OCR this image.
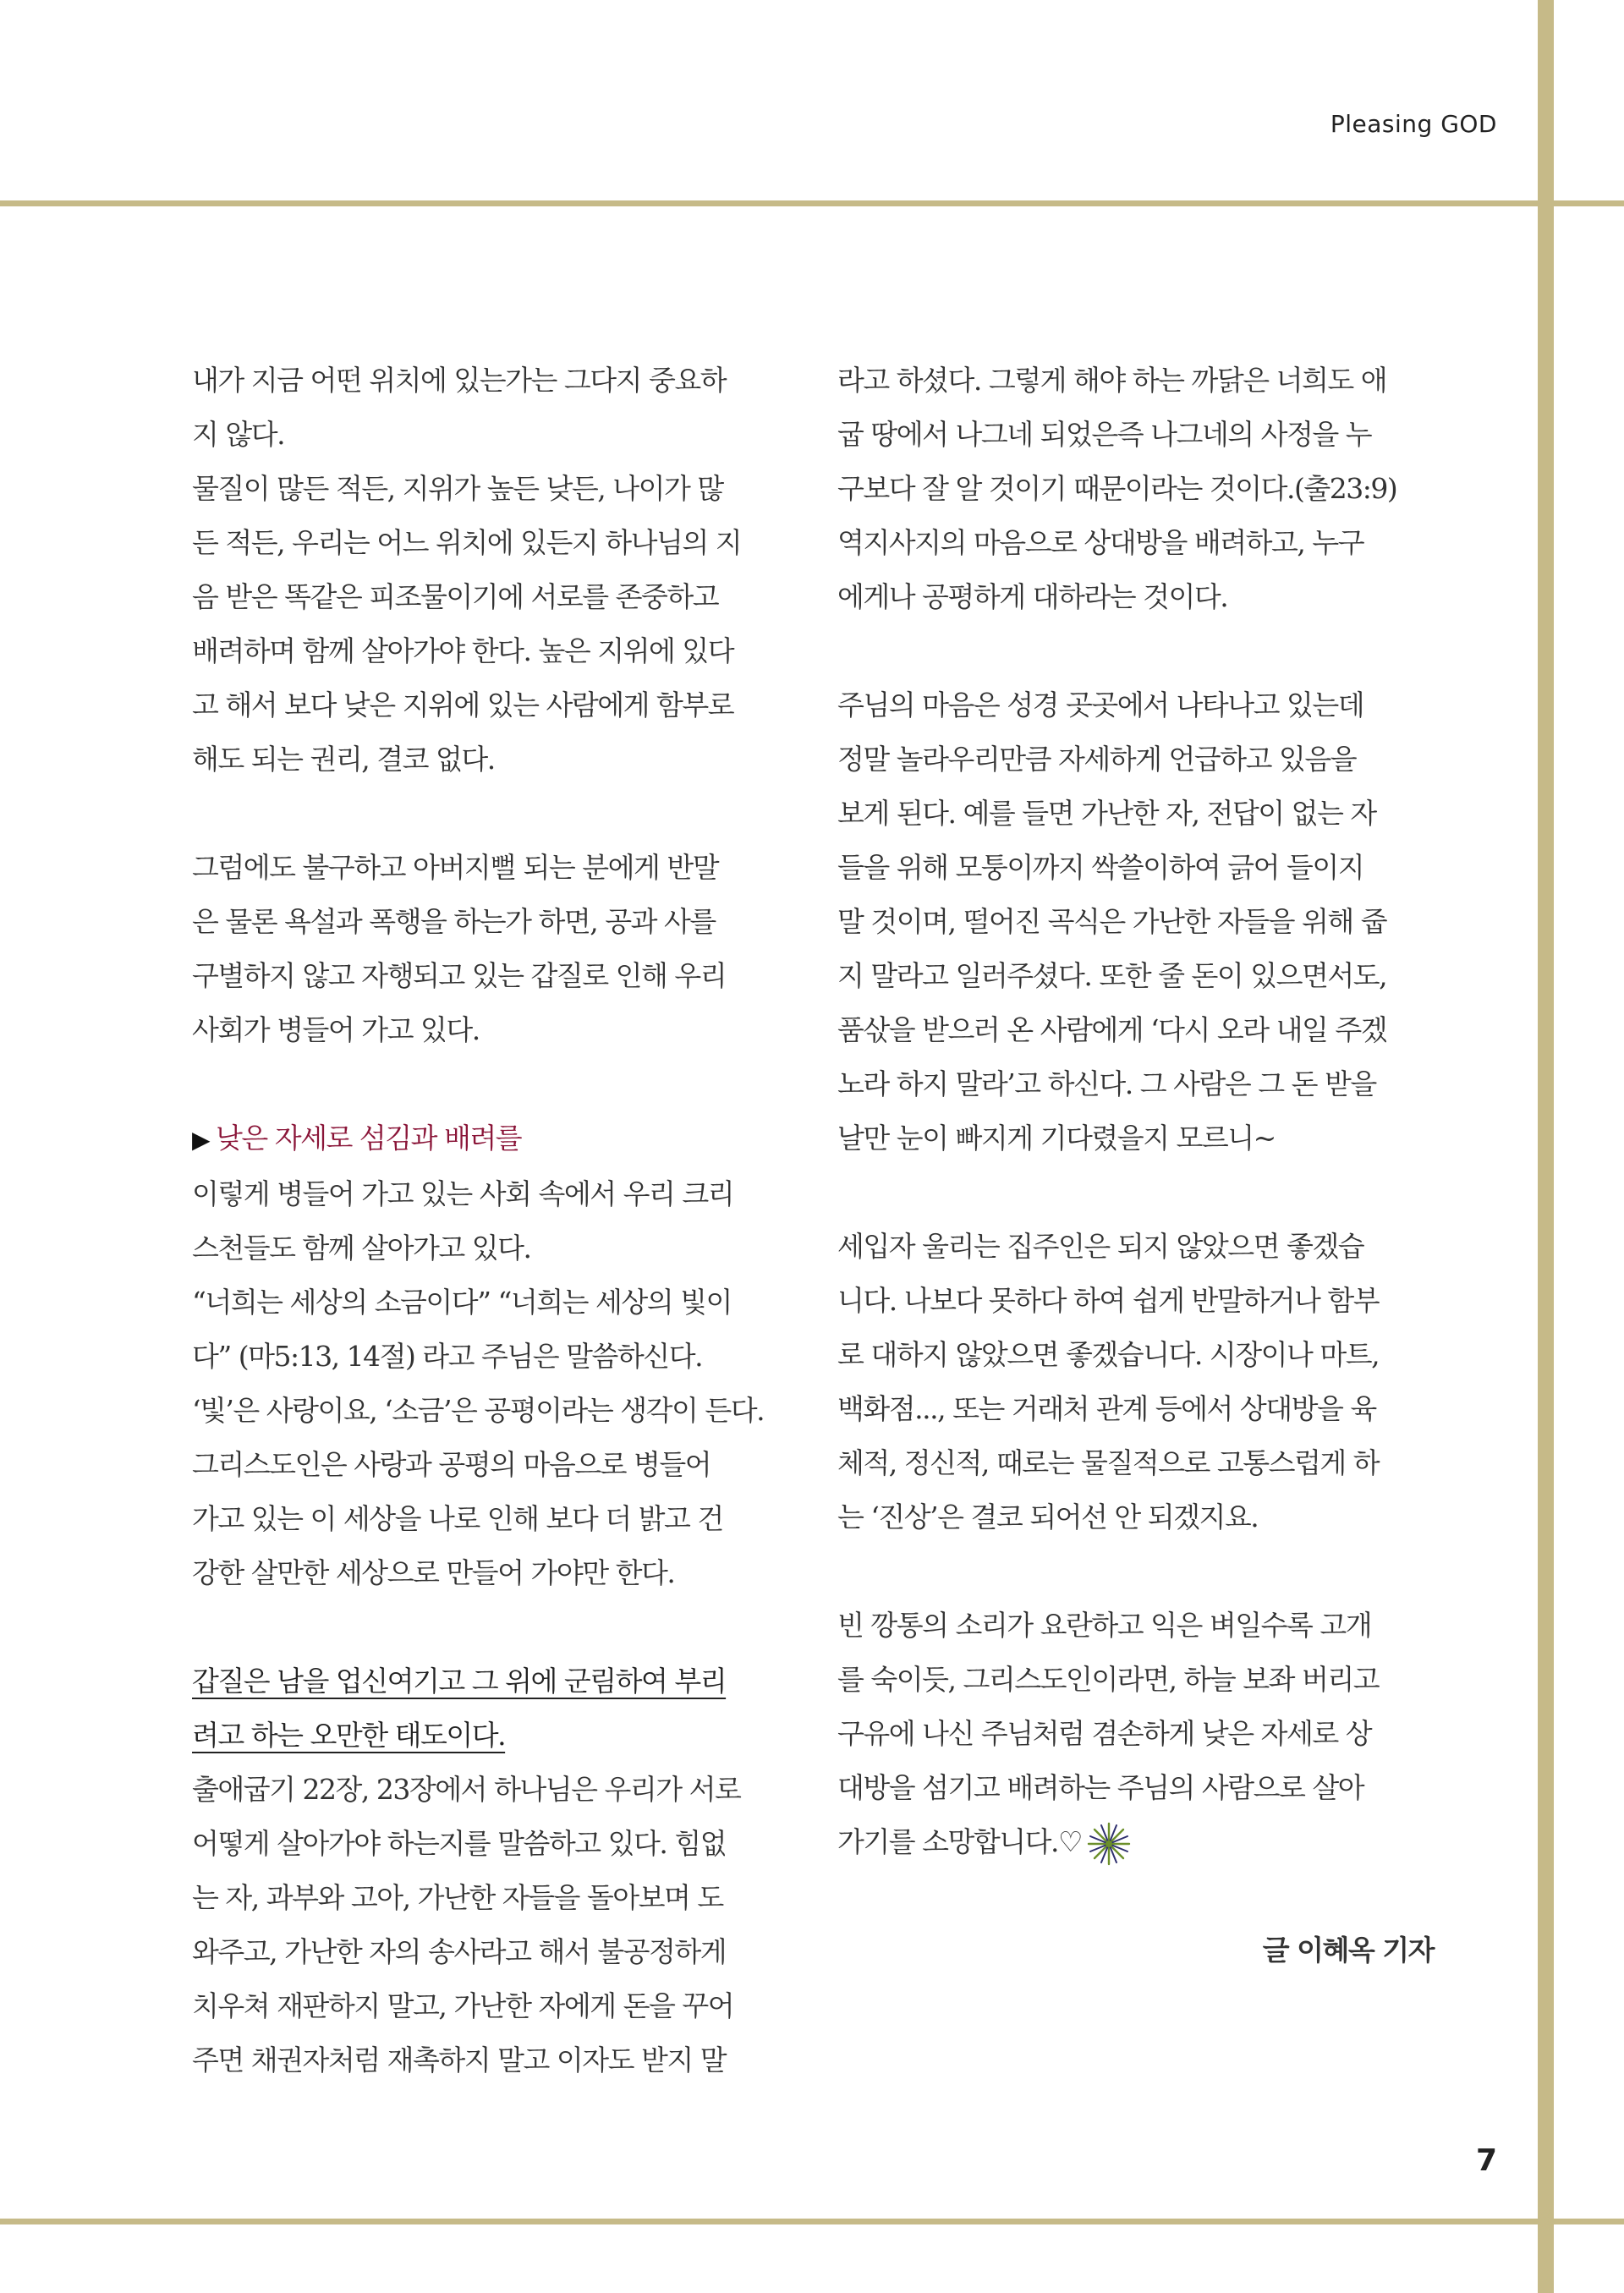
Pleasing GOD

내가 지금 어떤 위치에 있는가는 그다지 중요하

지 않다.

물질이 많든 적든, 지위가 높든 낮든, 나이가 많

든 적든, 우리는 어느 위치에 있든지 하나님의 지

음 받은 똑같은 피조물이기에 서로를 존중하고

배려하며 함께 살아가야 한다. 높은 지위에 있다

고 해서 보다 낮은 지위에 있는 사람에게 함부로

해도 되는 권리, 결코 없다.

그럼에도 불구하고 아버지뻘 되는 분에게 반말

은 물론 욕설과 폭행을 하는가 하면, 공과 사를

구별하지 않고 자행되고 있는 갑질로 인해 우리

사회가 병들어 가고 있다.

▶ 낮은 자세로 섬김과 배려를

이렇게 병들어 가고 있는 사회 속에서 우리 크리

스천들도 함께 살아가고 있다.

“너희는 세상의 소금이다” “너희는 세상의 빛이

다” (마5:13, 14절) 라고 주님은 말씀하신다.

‘빛’은 사랑이요, ‘소금’은 공평이라는 생각이 든다.

그리스도인은 사랑과 공평의 마음으로 병들어

가고 있는 이 세상을 나로 인해 보다 더 밝고 건

강한 살만한 세상으로 만들어 가야만 한다.

갑질은 남을 업신여기고 그 위에 군림하여 부리

려고 하는 오만한 태도이다.

출애굽기 22장, 23장에서 하나님은 우리가 서로

어떻게 살아가야 하는지를 말씀하고 있다. 힘없

는 자, 과부와 고아, 가난한 자들을 돌아보며 도

와주고, 가난한 자의 송사라고 해서 불공정하게

치우쳐 재판하지 말고, 가난한 자에게 돈을 꾸어

주면 채권자처럼 재촉하지 말고 이자도 받지 말

라고 하셨다. 그렇게 해야 하는 까닭은 너희도 애

굽 땅에서 나그네 되었은즉 나그네의 사정을 누

구보다 잘 알 것이기 때문이라는 것이다.(출23:9)

역지사지의 마음으로 상대방을 배려하고, 누구

에게나 공평하게 대하라는 것이다.

주님의 마음은 성경 곳곳에서 나타나고 있는데

정말 놀라우리만큼 자세하게 언급하고 있음을

보게 된다. 예를 들면 가난한 자, 전답이 없는 자

들을 위해 모퉁이까지 싹쓸이하여 긁어 들이지

말 것이며, 떨어진 곡식은 가난한 자들을 위해 줍

지 말라고 일러주셨다. 또한 줄 돈이 있으면서도,

품삯을 받으러 온 사람에게 ‘다시 오라 내일 주겠

노라 하지 말라’고 하신다. 그 사람은 그 돈 받을

날만 눈이 빠지게 기다렸을지 모르니~

세입자 울리는 집주인은 되지 않았으면 좋겠습

니다. 나보다 못하다 하여 쉽게 반말하거나 함부

로 대하지 않았으면 좋겠습니다. 시장이나 마트,

백화점..., 또는 거래처 관계 등에서 상대방을 육

체적, 정신적, 때로는 물질적으로 고통스럽게 하

는 ‘진상’은 결코 되어선 안 되겠지요.

빈 깡통의 소리가 요란하고 익은 벼일수록 고개

를 숙이듯, 그리스도인이라면, 하늘 보좌 버리고

구유에 나신 주님처럼 겸손하게 낮은 자세로 상

대방을 섬기고 배려하는 주님의 사람으로 살아

가기를 소망합니다.♡

글 이혜옥 기자

7
